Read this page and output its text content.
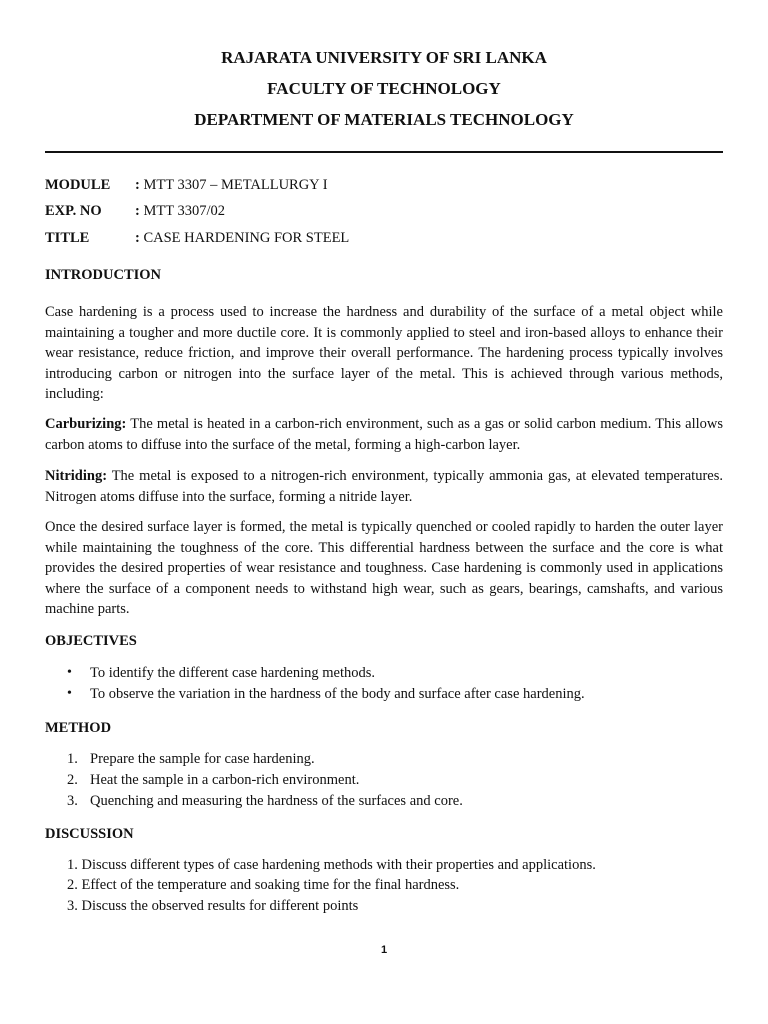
RAJARATA UNIVERSITY OF SRI LANKA
FACULTY OF TECHNOLOGY
DEPARTMENT OF MATERIALS TECHNOLOGY
MODULE : MTT 3307 – METALLURGY I
EXP. NO : MTT 3307/02
TITLE	: CASE HARDENING FOR STEEL
INTRODUCTION

Case hardening is a process used to increase the hardness and durability of the surface of a metal object while maintaining a tougher and more ductile core. It is commonly applied to steel and iron-based alloys to enhance their wear resistance, reduce friction, and improve their overall performance. The hardening process typically involves introducing carbon or nitrogen into the surface layer of the metal. This is achieved through various methods, including:

Carburizing: The metal is heated in a carbon-rich environment, such as a gas or solid carbon medium. This allows carbon atoms to diffuse into the surface of the metal, forming a high-carbon layer.

Nitriding: The metal is exposed to a nitrogen-rich environment, typically ammonia gas, at elevated temperatures. Nitrogen atoms diffuse into the surface, forming a nitride layer.

Once the desired surface layer is formed, the metal is typically quenched or cooled rapidly to harden the outer layer while maintaining the toughness of the core. This differential hardness between the surface and the core is what provides the desired properties of wear resistance and toughness. Case hardening is commonly used in applications where the surface of a component needs to withstand high wear, such as gears, bearings, camshafts, and various machine parts.

OBJECTIVES
• To identify the different case hardening methods.
• To observe the variation in the hardness of the body and surface after case hardening.
METHOD
1. Prepare the sample for case hardening.
2. Heat the sample in a carbon-rich environment.
3. Quenching and measuring the hardness of the surfaces and core.
DISCUSSION
1. Discuss different types of case hardening methods with their properties and applications.
2. Effect of the temperature and soaking time for the final hardness.
3. Discuss the observed results for different points
1
